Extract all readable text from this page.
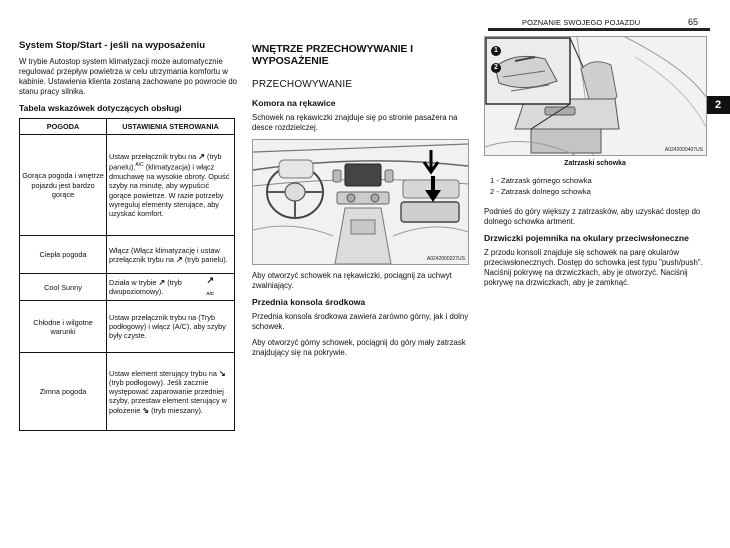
POZNANIE SWOJEGO POJAZDU	65
2
System Stop/Start - jeśli na wyposażeniu
W trybie Autostop system klimatyzacji może automatycznie regulować przepływ powietrza w celu utrzymania komfortu w kabinie. Ustawienia klienta zostaną zachowane po powrocie do stanu pracy silnika.
Tabela wskazówek dotyczących obsługi
POGODA	USTAWIENIA STEROWANIA
Gorąca pogoda i wnętrze pojazdu jest bardzo gorące	Ustaw przełącznik trybu na ↗ (tryb panelu),$^{A/C}$ (klimatyzacja) i włącz dmuchawę na wysokie obroty. Opuść szyby na minutę, aby wypuścić gorące powietrze. W razie potrzeby wyreguluj elementy sterujące, aby uzyskać komfort.
Ciepła pogoda	Włącz (Włącz klimatyzację i ustaw przełącznik trybu na ↗ (tryb panelu).
Cool Sunny	Działa w trybie ↗ (tryb dwupoziomowy).
↗
A/C

Chłodne i wilgotne warunki	Ustaw przełącznik trybu na (Tryb podłogowy) i włącz (A/C), aby szyby były czyste.
Zimna pogoda	Ustaw element sterujący trybu na ↘ (tryb podłogowy). Jeśli zacznie występować zaparowanie przedniej szyby, przestaw element sterujący w położenie ⇘ (tryb mieszany).
WNĘTRZE PRZECHOWYWANIE I WYPOSAŻENIE
PRZECHOWYWANIE
Komora na rękawice
Schowek na rękawiczki znajduje się po stronie pasażera na desce rozdzielczej.
A0242000227US
Aby otworzyć schowek na rękawiczki, pociągnij za uchwyt zwalniający.
Przednia konsola środkowa
Przednia konsola środkowa zawiera zarówno górny, jak i dolny schowek.
Aby otworzyć górny schowek, pociągnij do góry mały zatrzask znajdujący się na pokrywie.
1
2
A0242000407US
Zatrzaski schowka
1 - Zatrzask górnego schowka
2 - Zatrzask dolnego schowka
Podnieś do góry większy z zatrzasków, aby uzyskać dostęp do dolnego schowka artment.
Drzwiczki pojemnika na okulary przeciwsłoneczne
Z przodu konsoli znajduje się schowek na parę okularów przeciwsłonecznych. Dostęp do schowka jest typu "push/push". Naciśnij pokrywę na drzwiczkach, aby je otworzyć. Naciśnij pokrywę na drzwiczkach, aby je zamknąć.
